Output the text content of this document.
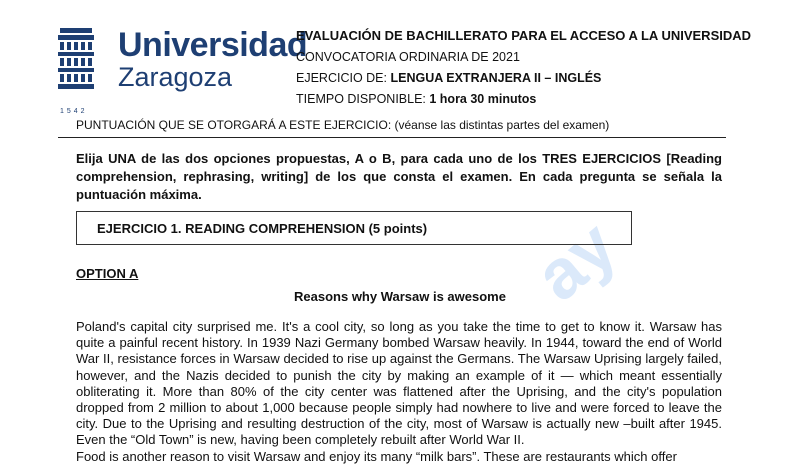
ay
Universidad
Zaragoza
1542
EVALUACIÓN DE BACHILLERATO PARA EL ACCESO A LA UNIVERSIDAD
CONVOCATORIA ORDINARIA DE 2021
EJERCICIO DE: LENGUA EXTRANJERA II – INGLÉS
TIEMPO DISPONIBLE: 1 hora 30 minutos
PUNTUACIÓN QUE SE OTORGARÁ A ESTE EJERCICIO: (véanse las distintas partes del examen)
Elija UNA de las dos opciones propuestas, A o B, para cada uno de los TRES EJERCICIOS [Reading comprehension, rephrasing, writing] de los que consta el examen. En cada pregunta se señala la puntuación máxima.
EJERCICIO 1. READING COMPREHENSION (5 points)
OPTION A
Reasons why Warsaw is awesome

Poland's capital city surprised me. It's a cool city, so long as you take the time to get to know it. Warsaw has quite a painful recent history. In 1939 Nazi Germany bombed Warsaw heavily. In 1944, toward the end of World War II, resistance forces in Warsaw decided to rise up against the Germans. The Warsaw Uprising largely failed, however, and the Nazis decided to punish the city by making an example of it — which meant essentially obliterating it. More than 80% of the city center was flattened after the Uprising, and the city's population dropped from 2 million to about 1,000 because people simply had nowhere to live and were forced to leave the city. Due to the Uprising and resulting destruction of the city, most of Warsaw is actually new –built after 1945. Even the “Old Town” is new, having been completely rebuilt after World War II.

Food is another reason to visit Warsaw and enjoy its many “milk bars”. These are restaurants which offer
